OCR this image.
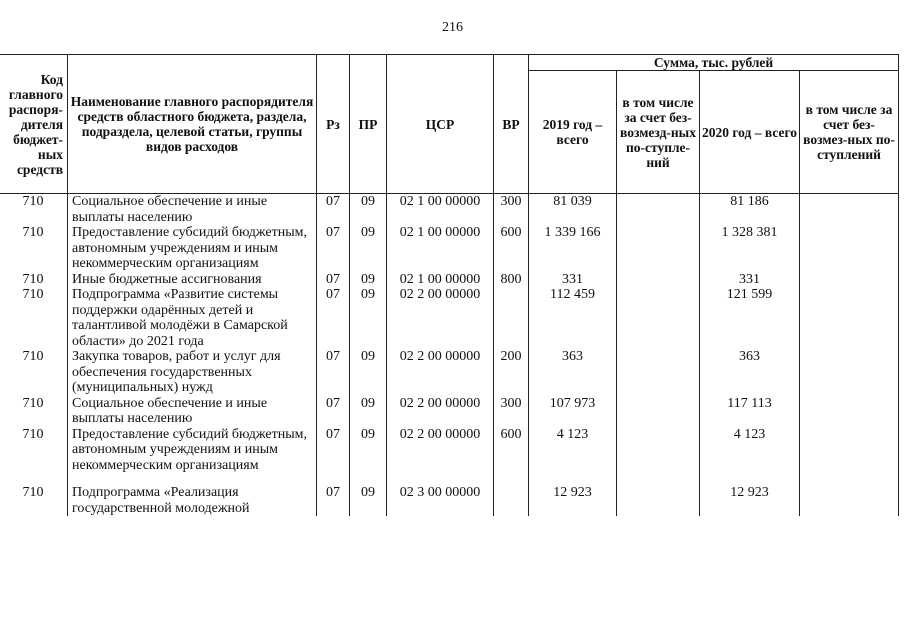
216
Код главного распоря-дителя бюджет-ных средств	Наименование главного распорядителя средств областного бюджета, раздела, подраздела, целевой статьи, группы видов расходов	Рз	ПР	ЦСР	ВР	Сумма, тыс. рублей			
						2019 год – всего	в том числе за счет без-возмезд-ных по-ступле-ний	2020 год – всего	в том числе за счет без-возмез-ных по-ступлений
710	Социальное обеспечение и иные выплаты населению	07	09	02 1 00 00000	300	81 039		81 186	
710	Предоставление субсидий бюджетным, автономным учреждениям и иным некоммерческим организациям	07	09	02 1 00 00000	600	1 339 166		1 328 381	
710	Иные бюджетные ассигнования	07	09	02 1 00 00000	800	331		331	
710	Подпрограмма «Развитие системы поддержки одарённых детей и талантливой молодёжи в Самарской области» до 2021 года	07	09	02 2 00 00000		112 459		121 599	
710	Закупка товаров, работ и услуг для обеспечения государственных (муниципальных) нужд	07	09	02 2 00 00000	200	363		363	
710	Социальное обеспечение и иные выплаты населению	07	09	02 2 00 00000	300	107 973		117 113	
710	Предоставление субсидий бюджетным, автономным учреждениям и иным некоммерческим организациям	07	09	02 2 00 00000	600	4 123		4 123	
710	Подпрограмма «Реализация государственной молодежной	07	09	02 3 00 00000		12 923		12 923	
